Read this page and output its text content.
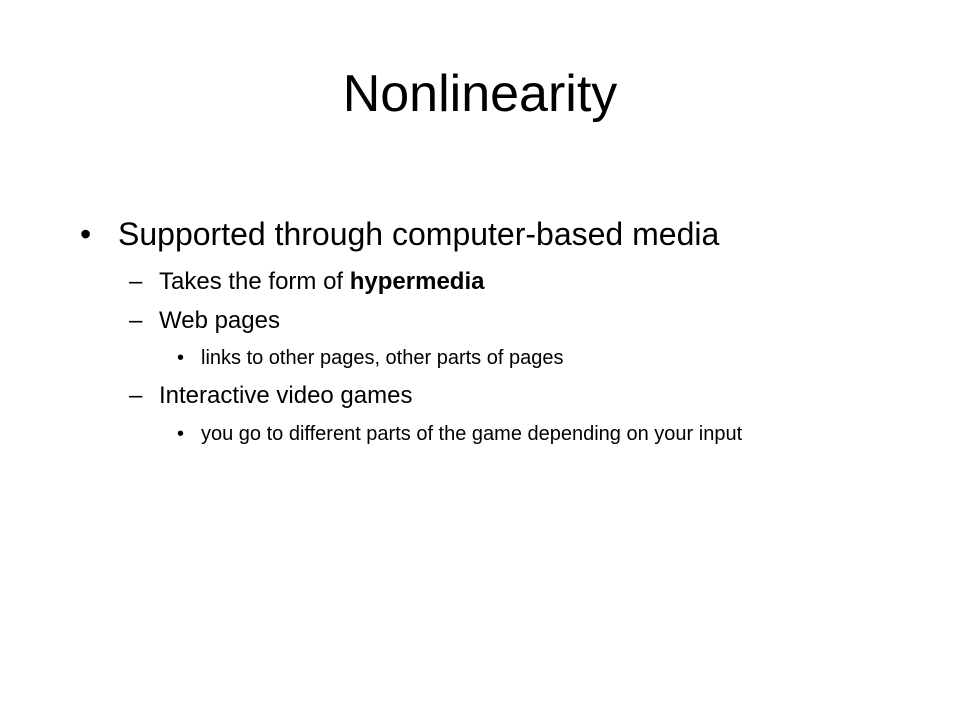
Nonlinearity
• Supported through computer-based media
– Takes the form of hypermedia
– Web pages
• links to other pages, other parts of pages
– Interactive video games
• you go to different parts of the game depending on your input
